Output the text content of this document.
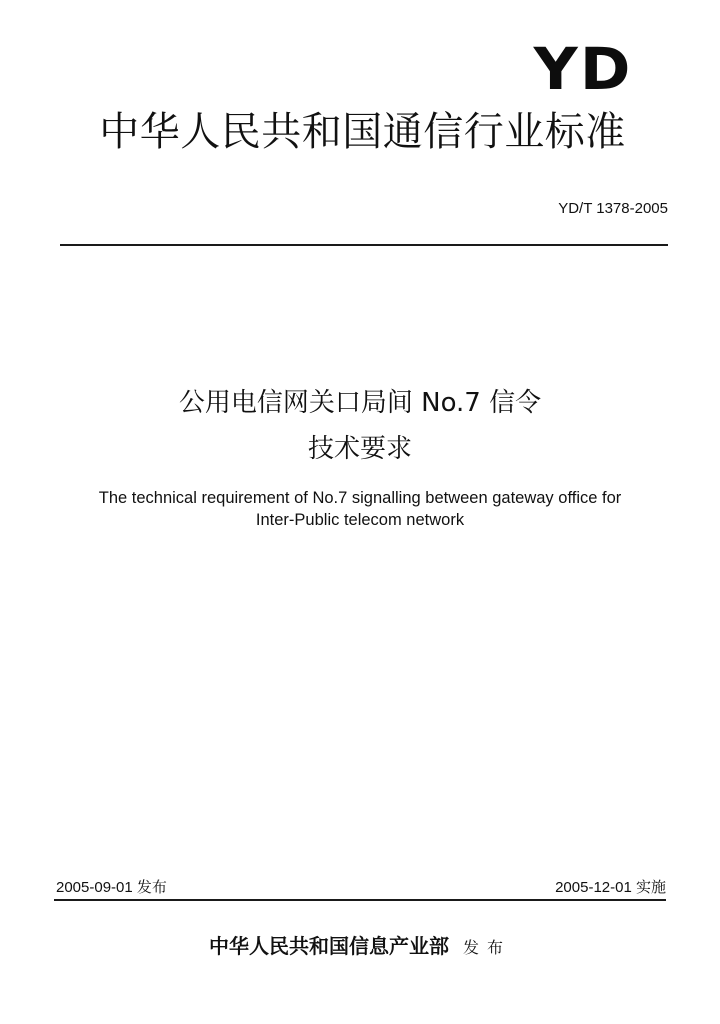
YD
中华人民共和国通信行业标准
YD/T 1378-2005
公用电信网关口局间 No.7 信令
技术要求
The technical requirement of No.7 signalling between gateway office for
Inter-Public telecom network
2005-09-01 发布	2005-12-01 实施
中华人民共和国信息产业部 发布
